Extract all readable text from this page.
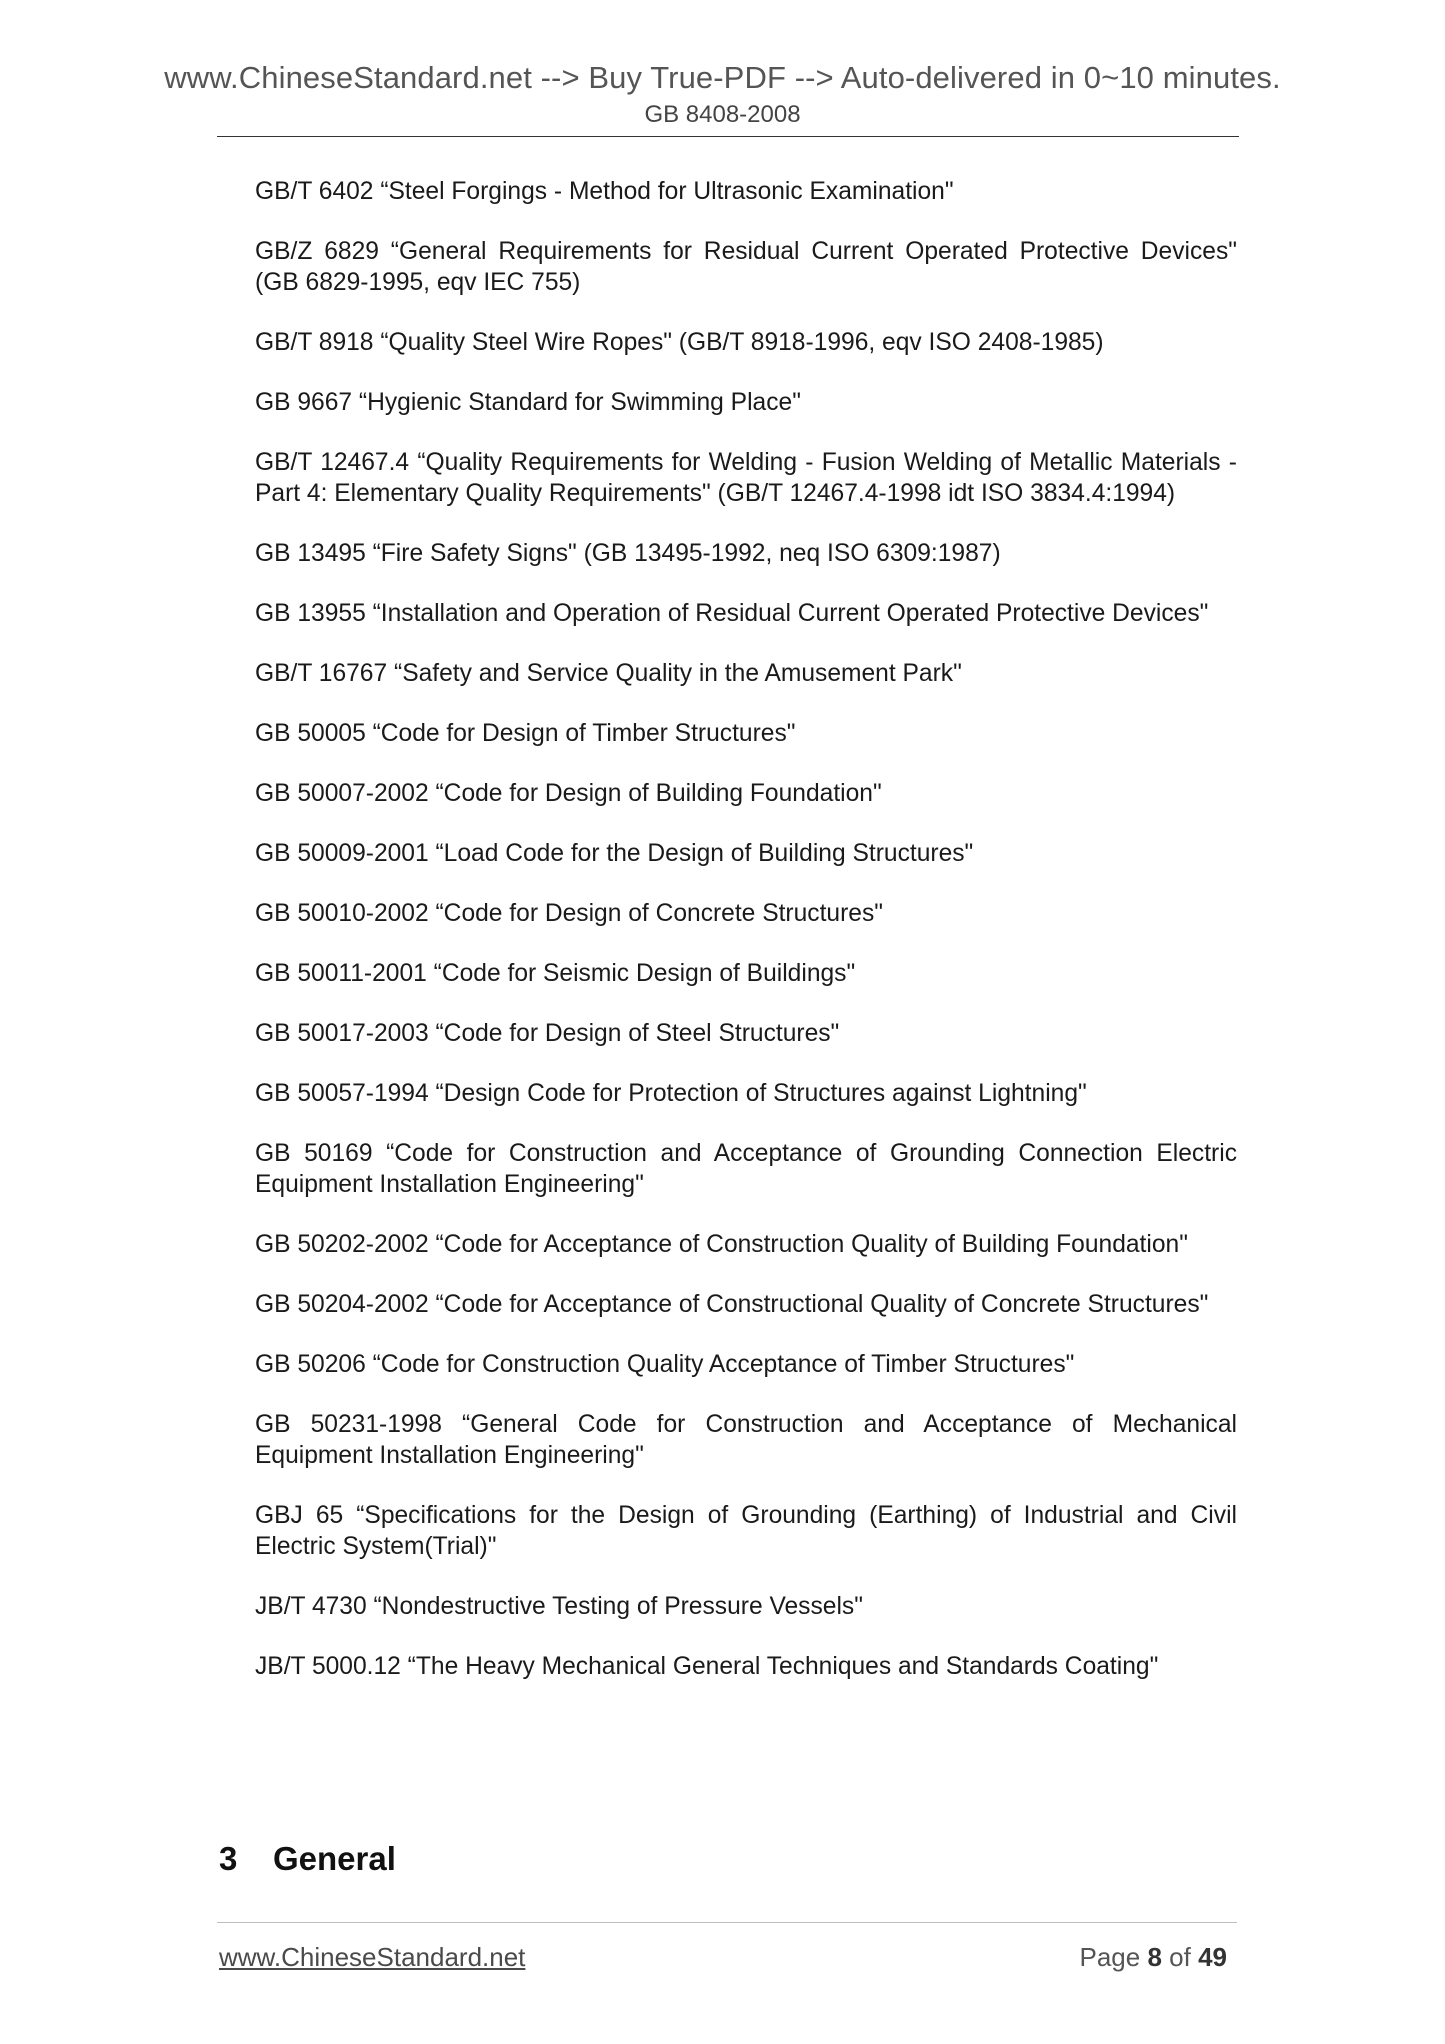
www.ChineseStandard.net --> Buy True-PDF --> Auto-delivered in 0~10 minutes.
GB 8408-2008
GB/T 6402 “Steel Forgings - Method for Ultrasonic Examination"
GB/Z 6829 “General Requirements for Residual Current Operated Protective Devices" (GB 6829-1995, eqv IEC 755)
GB/T 8918 “Quality Steel Wire Ropes" (GB/T 8918-1996, eqv ISO 2408-1985)
GB 9667 “Hygienic Standard for Swimming Place"
GB/T 12467.4 “Quality Requirements for Welding - Fusion Welding of Metallic Materials - Part 4: Elementary Quality Requirements" (GB/T 12467.4-1998 idt ISO 3834.4:1994)
GB 13495 “Fire Safety Signs" (GB 13495-1992, neq ISO 6309:1987)
GB 13955 “Installation and Operation of Residual Current Operated Protective Devices"
GB/T 16767 “Safety and Service Quality in the Amusement Park"
GB 50005 “Code for Design of Timber Structures"
GB 50007-2002 “Code for Design of Building Foundation"
GB 50009-2001 “Load Code for the Design of Building Structures"
GB 50010-2002 “Code for Design of Concrete Structures"
GB 50011-2001 “Code for Seismic Design of Buildings"
GB 50017-2003 “Code for Design of Steel Structures"
GB 50057-1994 “Design Code for Protection of Structures against Lightning"
GB 50169 “Code for Construction and Acceptance of Grounding Connection Electric Equipment Installation Engineering"
GB 50202-2002 “Code for Acceptance of Construction Quality of Building Foundation"
GB 50204-2002 “Code for Acceptance of Constructional Quality of Concrete Structures"
GB 50206 “Code for Construction Quality Acceptance of Timber Structures"
GB 50231-1998 “General Code for Construction and Acceptance of Mechanical Equipment Installation Engineering"
GBJ 65 “Specifications for the Design of Grounding (Earthing) of Industrial and Civil Electric System(Trial)"
JB/T 4730 “Nondestructive Testing of Pressure Vessels"
JB/T 5000.12 “The Heavy Mechanical General Techniques and Standards Coating"
3 General
www.ChineseStandard.net	Page 8 of 49
